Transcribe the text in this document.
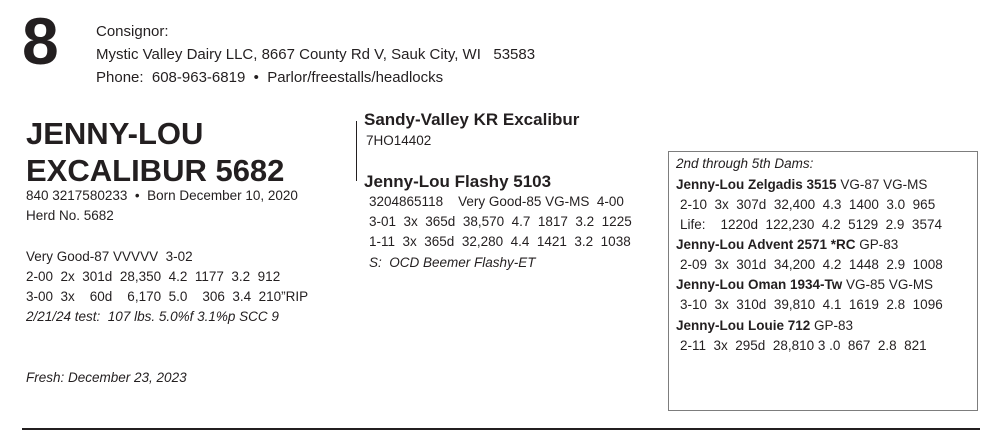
8 Consignor:
Mystic Valley Dairy LLC, 8667 County Rd V, Sauk City, WI   53583
Phone:  608-963-6819  •  Parlor/freestalls/headlocks
JENNY-LOU
EXCALIBUR 5682
840 3217580233  •  Born December 10, 2020
Herd No. 5682
Very Good-87 VVVVV  3-02
2-00  2x  301d  28,350  4.2  1177  3.2  912
3-00  3x    60d    6,170  5.0    306  3.4  210”RIP
2/21/24 test:  107 lbs. 5.0%f 3.1%p SCC 9
Fresh: December 23, 2023
Sandy-Valley KR Excalibur
7HO14402
Jenny-Lou Flashy 5103
3204865118    Very Good-85 VG-MS  4-00
3-01  3x  365d  38,570  4.7  1817  3.2  1225
1-11  3x  365d  32,280  4.4  1421  3.2  1038
S:  OCD Beemer Flashy-ET
2nd through 5th Dams:
Jenny-Lou Zelgadis 3515 VG-87 VG-MS
2-10  3x  307d  32,400  4.3  1400  3.0  965
Life:    1220d  122,230  4.2  5129  2.9  3574
Jenny-Lou Advent 2571 *RC GP-83
2-09  3x  301d  34,200  4.2  1448  2.9  1008
Jenny-Lou Oman 1934-Tw VG-85 VG-MS
3-10  3x  310d  39,810  4.1  1619  2.8  1096
Jenny-Lou Louie 712 GP-83
2-11  3x  295d  28,810 3 .0  867  2.8  821
